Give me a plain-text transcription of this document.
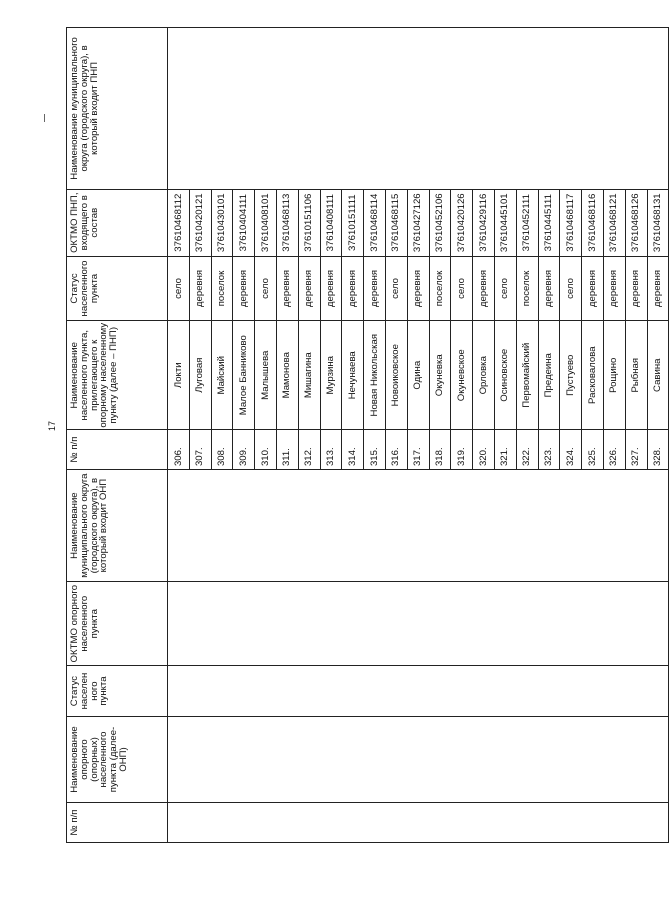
17
№ п/п	Наименование опорного (опорных) населенного пункта (далее-ОНП)	Статус населен ного пункта	ОКТМО опорного населенного пункта	Наименование муниципального округа (городского округа), в который входит ОНП	№ п/п	Наименование населенного пункта, прилегающего к опорному населенному пункту (далее – ПНП)	Статус населенного пункта	ОКТМО ПНП, входящего в состав	Наименование муниципального округа (городского округа), в который входит ПНП
					306.	Локти	село	37610468112	
					307.	Луговая	деревня	37610420121	
					308.	Майский	поселок	37610430101	
					309.	Малое Банниково	деревня	37610404111	
					310.	Малышева	село	37610408101	
					311.	Мамонова	деревня	37610468113	
					312.	Мишагина	деревня	37610151106	
					313.	Мурзина	деревня	37610408111	
					314.	Нечунаева	деревня	37610151111	
					315.	Новая Никольская	деревня	37610468114	
					316.	Новоиковское	село	37610468115	
					317.	Одина	деревня	37610427126	
					318.	Окуневка	поселок	37610452106	
					319.	Окуневское	село	37610420126	
					320.	Орловка	деревня	37610429116	
					321.	Осиновское	село	37610445101	
					322.	Первомайский	поселок	37610452111	
					323.	Предеина	деревня	37610445111	
					324.	Пустуево	село	37610468117	
					325.	Расковалова	деревня	37610468116	
					326.	Рощино	деревня	37610468121	
					327.	Рыбная	деревня	37610468126	
					328.	Савина	деревня	37610468131	
